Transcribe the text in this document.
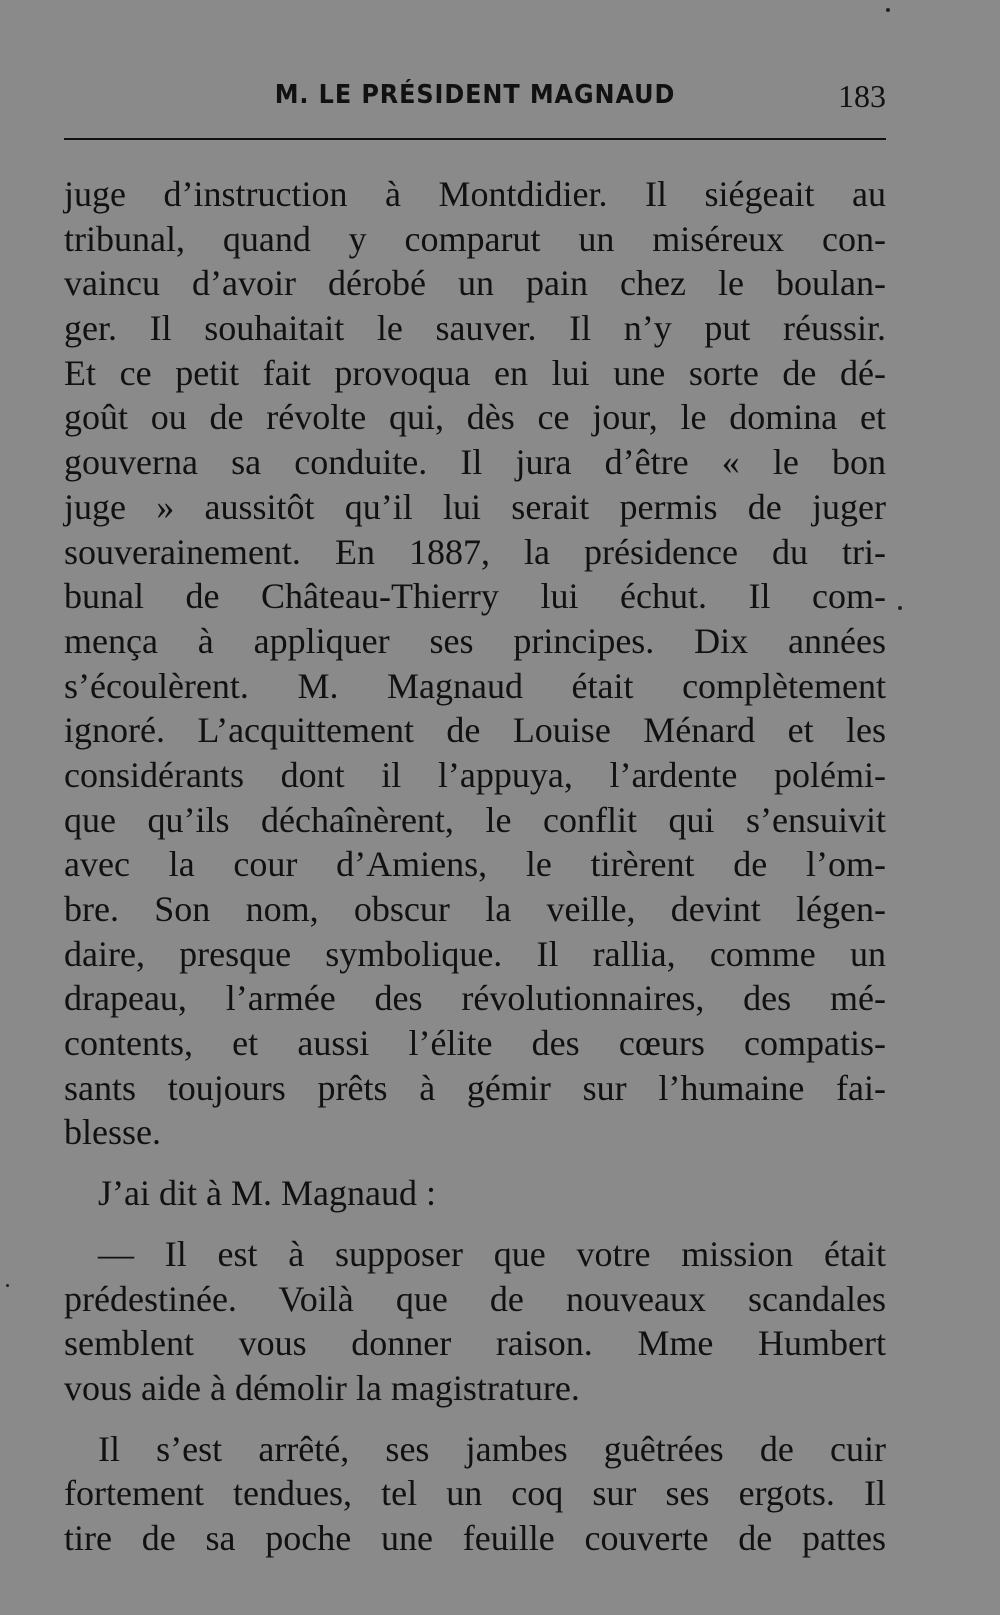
M. LE PRÉSIDENT MAGNAUD	183
juge d’instruction à Montdidier. Il siégeait au
tribunal, quand y comparut un miséreux con-
vaincu d’avoir dérobé un pain chez le boulan-
ger. Il souhaitait le sauver. Il n’y put réussir.
Et ce petit fait provoqua en lui une sorte de dé-
goût ou de révolte qui, dès ce jour, le domina et
gouverna sa conduite. Il jura d’être « le bon
juge » aussitôt qu’il lui serait permis de juger
souverainement. En 1887, la présidence du tri-
bunal de Château-Thierry lui échut. Il com-
mença à appliquer ses principes. Dix années
s’écoulèrent. M. Magnaud était complètement
ignoré. L’acquittement de Louise Ménard et les
considérants dont il l’appuya, l’ardente polémi-
que qu’ils déchaînèrent, le conflit qui s’ensuivit
avec la cour d’Amiens, le tirèrent de l’om-
bre. Son nom, obscur la veille, devint légen-
daire, presque symbolique. Il rallia, comme un
drapeau, l’armée des révolutionnaires, des mé-
contents, et aussi l’élite des cœurs compatis-
sants toujours prêts à gémir sur l’humaine fai-
blesse.
J’ai dit à M. Magnaud :
— Il est à supposer que votre mission était
prédestinée. Voilà que de nouveaux scandales
semblent vous donner raison. Mme Humbert
vous aide à démolir la magistrature.
Il s’est arrêté, ses jambes guêtrées de cuir
fortement tendues, tel un coq sur ses ergots. Il
tire de sa poche une feuille couverte de pattes
